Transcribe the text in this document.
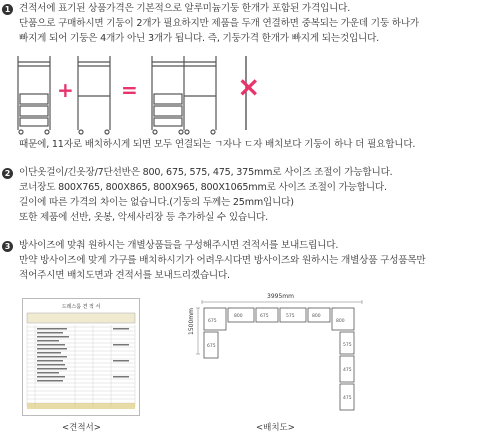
1 견적서에 표기된 상품가격은 기본적으로 알루미늄기둥 한개가 포함된 가격입니다.
단품으로 구매하시면 기둥이 2개가 필요하지만 제품을 두개 연결하면 중복되는 가운데 기둥 하나가
빠지게 되어 기둥은 4개가 아닌 3개가 됩니다. 즉, 기둥가격 한개가 빠지게 되는것입니다.
+ =	×
때문에, 11자로 배치하시게 되면 모두 연결되는 ㄱ자나 ㄷ자 배치보다 기둥이 하나 더 필요합니다.
2 이단옷걸이/긴옷장/7단선반은 800, 675, 575, 475, 375mm로 사이즈 조절이 가능합니다.
코너장도 800X765, 800X865, 800X965, 800X1065mm로 사이즈 조절이 가능합니다.
길이에 따른 가격의 차이는 없습니다.(기둥의 두께는 25mm입니다)
또한 제품에 선반, 옷봉, 악세사리장 등 추가하실 수 있습니다.
3 방사이즈에 맞춰 원하시는 개별상품들을 구성해주시면 견적서를 보내드립니다.
만약 방사이즈에 맞게 가구를 배치하시기가 어려우시다면 방사이즈와 원하시는 개별상품 구성품목만
적어주시면 배치도면과 견적서를 보내드리겠습니다.
드레스룸 견 적 서
<견적서>
3995mm
1500mm	800	675	575	800
675	800
675	575
475
475
<배치도>
